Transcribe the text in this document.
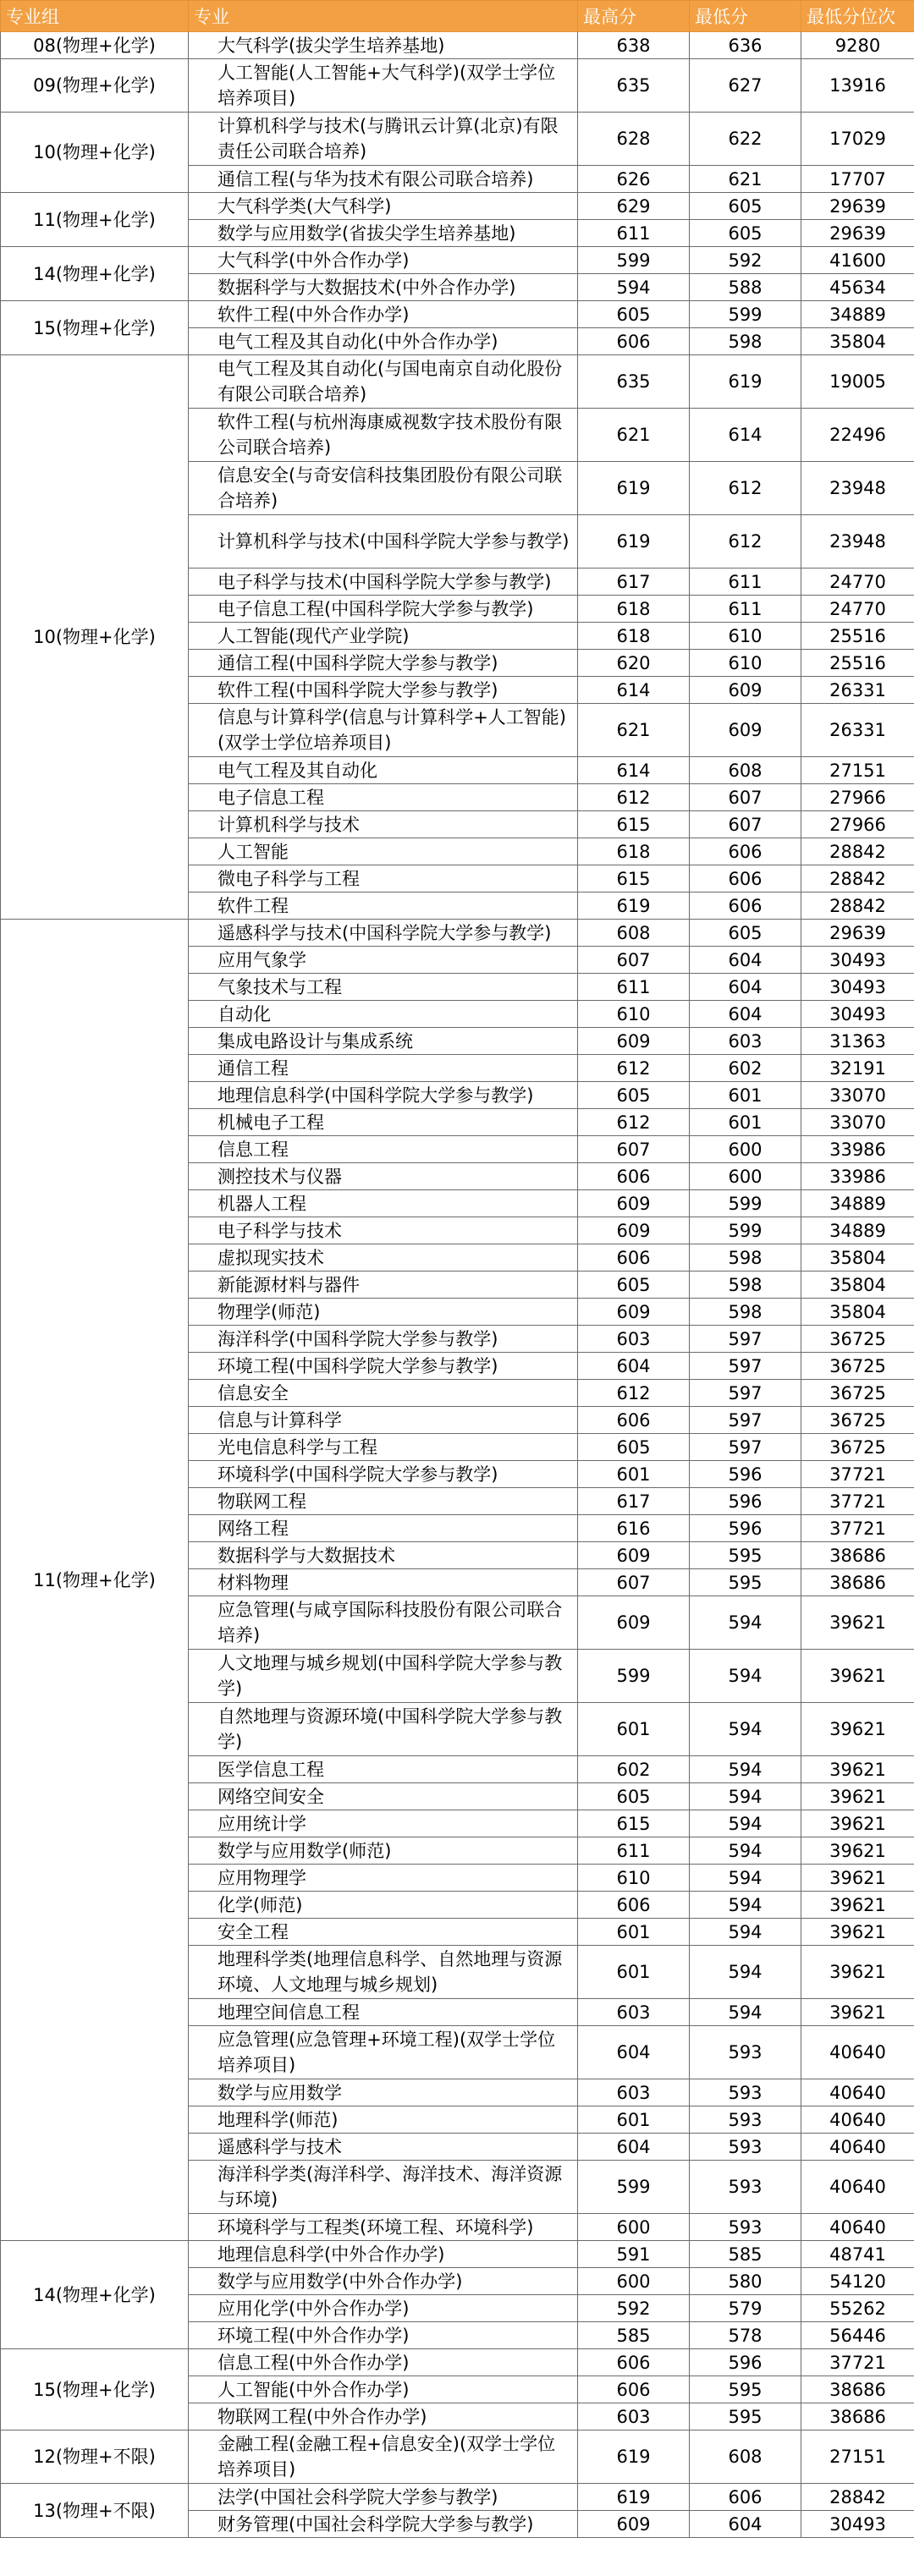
专业组	专业	最高分	最低分	最低分位次
08(物理+化学)	大气科学(拔尖学生培养基地)	638	636	9280
09(物理+化学)	人工智能(人工智能+大气科学)(双学士学位培养项目)	635	627	13916
10(物理+化学)	计算机科学与技术(与腾讯云计算(北京)有限责任公司联合培养)	628	622	17029
	通信工程(与华为技术有限公司联合培养)	626	621	17707
11(物理+化学)	大气科学类(大气科学)	629	605	29639
	数学与应用数学(省拔尖学生培养基地)	611	605	29639
14(物理+化学)	大气科学(中外合作办学)	599	592	41600
	数据科学与大数据技术(中外合作办学)	594	588	45634
15(物理+化学)	软件工程(中外合作办学)	605	599	34889
	电气工程及其自动化(中外合作办学)	606	598	35804
10(物理+化学)	电气工程及其自动化(与国电南京自动化股份有限公司联合培养)	635	619	19005
	软件工程(与杭州海康威视数字技术股份有限公司联合培养)	621	614	22496
	信息安全(与奇安信科技集团股份有限公司联合培养)	619	612	23948
	计算机科学与技术(中国科学院大学参与教学)	619	612	23948
	电子科学与技术(中国科学院大学参与教学)	617	611	24770
	电子信息工程(中国科学院大学参与教学)	618	611	24770
	人工智能(现代产业学院)	618	610	25516
	通信工程(中国科学院大学参与教学)	620	610	25516
	软件工程(中国科学院大学参与教学)	614	609	26331
	信息与计算科学(信息与计算科学+人工智能)(双学士学位培养项目)	621	609	26331
	电气工程及其自动化	614	608	27151
	电子信息工程	612	607	27966
	计算机科学与技术	615	607	27966
	人工智能	618	606	28842
	微电子科学与工程	615	606	28842
	软件工程	619	606	28842
11(物理+化学)	遥感科学与技术(中国科学院大学参与教学)	608	605	29639
	应用气象学	607	604	30493
	气象技术与工程	611	604	30493
	自动化	610	604	30493
	集成电路设计与集成系统	609	603	31363
	通信工程	612	602	32191
	地理信息科学(中国科学院大学参与教学)	605	601	33070
	机械电子工程	612	601	33070
	信息工程	607	600	33986
	测控技术与仪器	606	600	33986
	机器人工程	609	599	34889
	电子科学与技术	609	599	34889
	虚拟现实技术	606	598	35804
	新能源材料与器件	605	598	35804
	物理学(师范)	609	598	35804
	海洋科学(中国科学院大学参与教学)	603	597	36725
	环境工程(中国科学院大学参与教学)	604	597	36725
	信息安全	612	597	36725
	信息与计算科学	606	597	36725
	光电信息科学与工程	605	597	36725
	环境科学(中国科学院大学参与教学)	601	596	37721
	物联网工程	617	596	37721
	网络工程	616	596	37721
	数据科学与大数据技术	609	595	38686
	材料物理	607	595	38686
	应急管理(与咸亨国际科技股份有限公司联合培养)	609	594	39621
	人文地理与城乡规划(中国科学院大学参与教学)	599	594	39621
	自然地理与资源环境(中国科学院大学参与教学)	601	594	39621
	医学信息工程	602	594	39621
	网络空间安全	605	594	39621
	应用统计学	615	594	39621
	数学与应用数学(师范)	611	594	39621
	应用物理学	610	594	39621
	化学(师范)	606	594	39621
	安全工程	601	594	39621
	地理科学类(地理信息科学、自然地理与资源环境、人文地理与城乡规划)	601	594	39621
	地理空间信息工程	603	594	39621
	应急管理(应急管理+环境工程)(双学士学位培养项目)	604	593	40640
	数学与应用数学	603	593	40640
	地理科学(师范)	601	593	40640
	遥感科学与技术	604	593	40640
	海洋科学类(海洋科学、海洋技术、海洋资源与环境)	599	593	40640
	环境科学与工程类(环境工程、环境科学)	600	593	40640
14(物理+化学)	地理信息科学(中外合作办学)	591	585	48741
	数学与应用数学(中外合作办学)	600	580	54120
	应用化学(中外合作办学)	592	579	55262
	环境工程(中外合作办学)	585	578	56446
15(物理+化学)	信息工程(中外合作办学)	606	596	37721
	人工智能(中外合作办学)	606	595	38686
	物联网工程(中外合作办学)	603	595	38686
12(物理+不限)	金融工程(金融工程+信息安全)(双学士学位培养项目)	619	608	27151
13(物理+不限)	法学(中国社会科学院大学参与教学)	619	606	28842
	财务管理(中国社会科学院大学参与教学)	609	604	30493
